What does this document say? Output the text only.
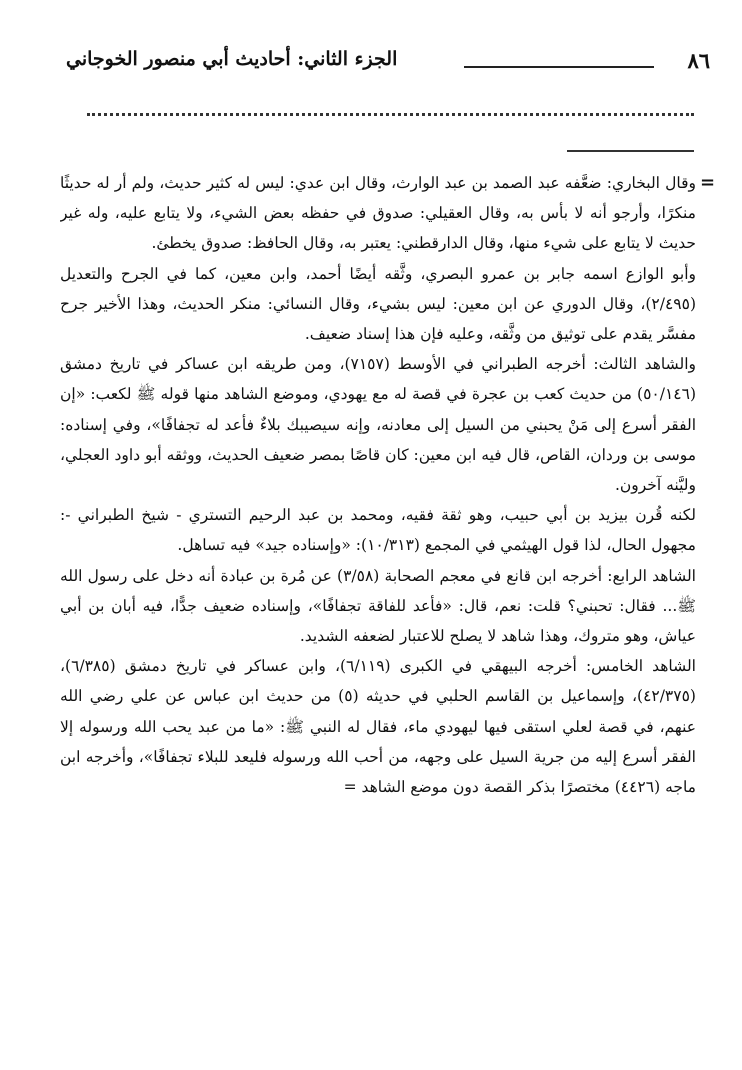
٨٦
الجزء الثاني: أحاديث أبي منصور الخوجاني
=

وقال البخاري: ضعَّفه عبد الصمد بن عبد الوارث، وقال ابن عدي: ليس له كثير حديث، ولم أر له حديثًا منكرًا، وأرجو أنه لا بأس به، وقال العقيلي: صدوق في حفظه بعض الشيء، ولا يتابع عليه، وله غير حديث لا يتابع على شيء منها، وقال الدارقطني: يعتبر به، وقال الحافظ: صدوق يخطئ.

وأبو الوازع اسمه جابر بن عمرو البصري، وثَّقه أيضًا أحمد، وابن معين، كما في الجرح والتعديل (٢/٤٩٥)، وقال الدوري عن ابن معين: ليس بشيء، وقال النسائي: منكر الحديث، وهذا الأخير جرح مفسَّر يقدم على توثيق من وثَّقه، وعليه فإن هذا إسناد ضعيف.

والشاهد الثالث: أخرجه الطبراني في الأوسط (٧١٥٧)، ومن طريقه ابن عساكر في تاريخ دمشق (٥٠/١٤٦) من حديث كعب بن عجرة في قصة له مع يهودي، وموضع الشاهد منها قوله ﷺ لكعب: «إن الفقر أسرع إلى مَنْ يحبني من السيل إلى معادنه، وإنه سيصيبك بلاءٌ فأعد له تجفافًا»، وفي إسناده: موسى بن وردان، القاص، قال فيه ابن معين: كان قاصًا بمصر ضعيف الحديث، ووثقه أبو داود العجلي، وليَّنه آخرون.

لكنه قُرن بيزيد بن أبي حبيب، وهو ثقة فقيه، ومحمد بن عبد الرحيم التستري - شيخ الطبراني -: مجهول الحال، لذا قول الهيثمي في المجمع (١٠/٣١٣): «وإسناده جيد» فيه تساهل.

الشاهد الرابع: أخرجه ابن قانع في معجم الصحابة (٣/٥٨) عن مُرة بن عبادة أنه دخل على رسول الله ﷺ... فقال: تحبني؟ قلت: نعم، قال: «فأعد للفاقة تجفافًا»، وإسناده ضعيف جدًّا، فيه أبان بن أبي عياش، وهو متروك، وهذا شاهد لا يصلح للاعتبار لضعفه الشديد.

الشاهد الخامس: أخرجه البيهقي في الكبرى (٦/١١٩)، وابن عساكر في تاريخ دمشق (٦/٣٨٥)، (٤٢/٣٧٥)، وإسماعيل بن القاسم الحلبي في حديثه (٥) من حديث ابن عباس عن علي رضي الله عنهم، في قصة لعلي استقى فيها ليهودي ماء، فقال له النبي ﷺ: «ما من عبد يحب الله ورسوله إلا الفقر أسرع إليه من جرية السيل على وجهه، من أحب الله ورسوله فليعد للبلاء تجفافًا»، وأخرجه ابن ماجه (٤٤٢٦) مختصرًا بذكر القصة دون موضع الشاهد =
